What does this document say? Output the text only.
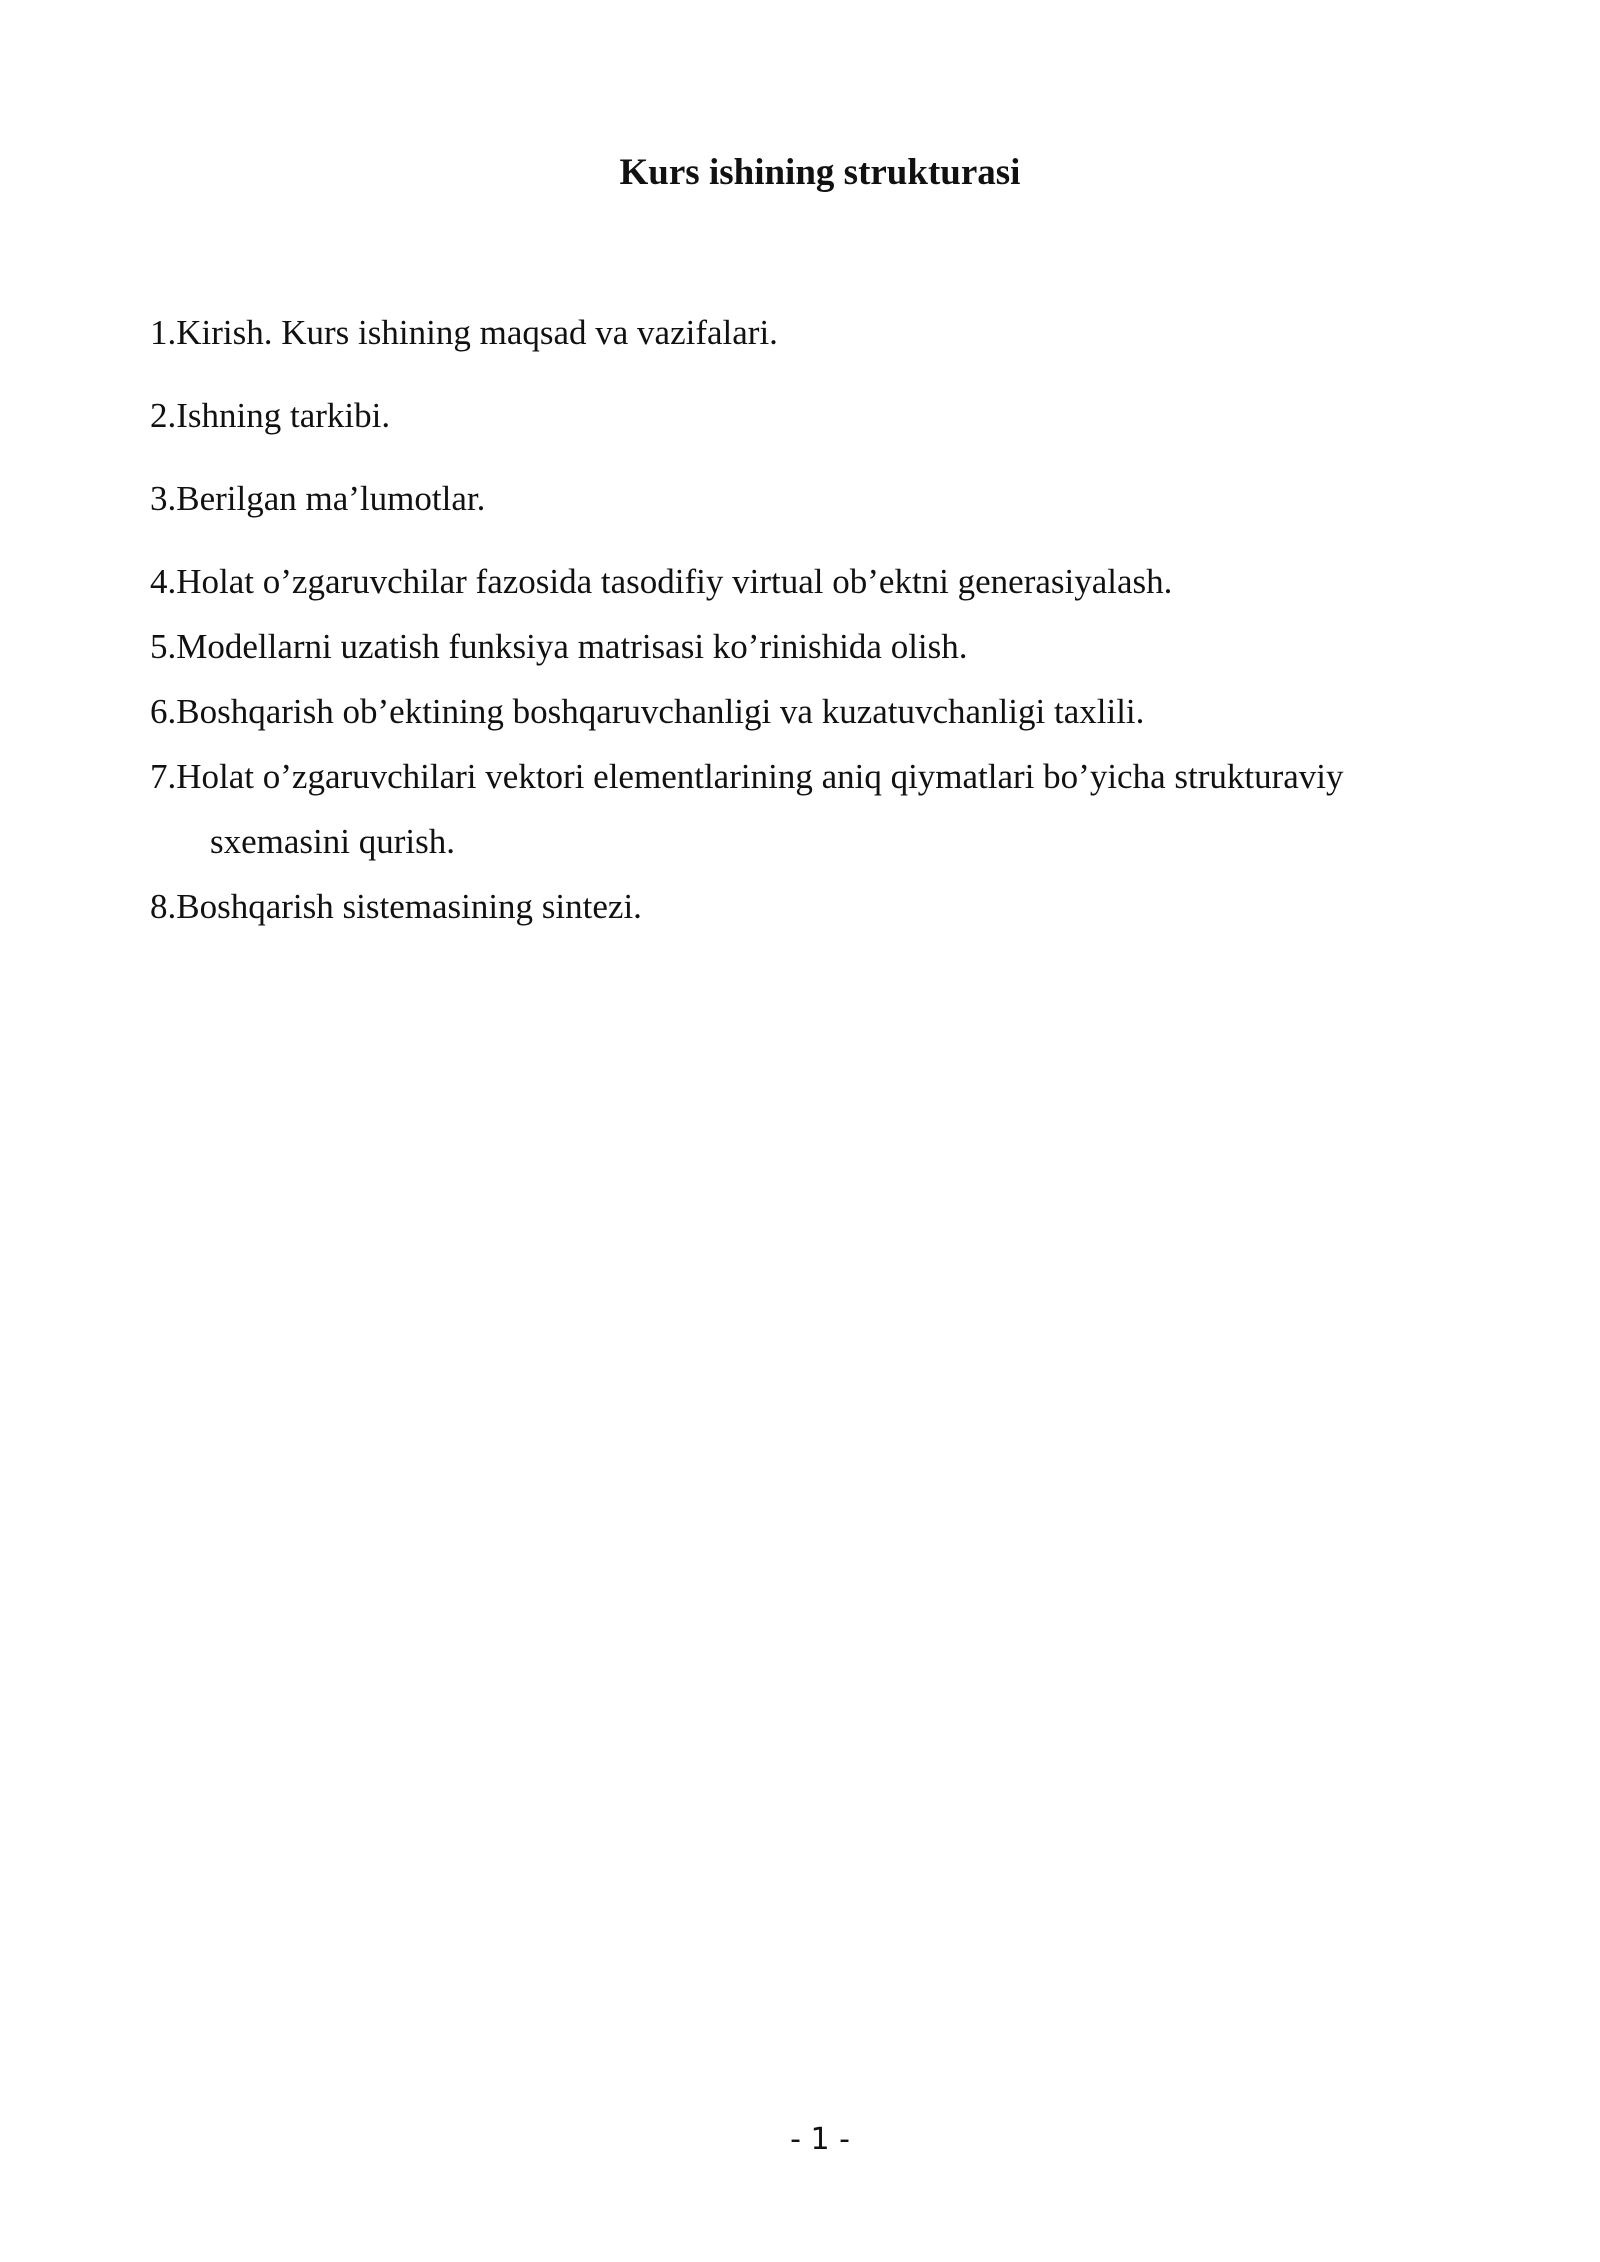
Kurs ishining strukturasi
1.Kirish. Kurs ishining maqsad va vazifalari.
2.Ishning tarkibi.
3.Berilgan ma’lumotlar.
4.Holat o’zgaruvchilar fazosida tasodifiy virtual ob’ektni generasiyalash.
5.Modellarni uzatish funksiya matrisasi ko’rinishida olish.
6.Boshqarish ob’ektining boshqaruvchanligi va kuzatuvchanligi taxlili.
7.Holat o’zgaruvchilari vektori elementlarining aniq qiymatlari bo’yicha strukturaviy
sxemasini qurish.
8.Boshqarish sistemasining sintezi.
- 1 -
